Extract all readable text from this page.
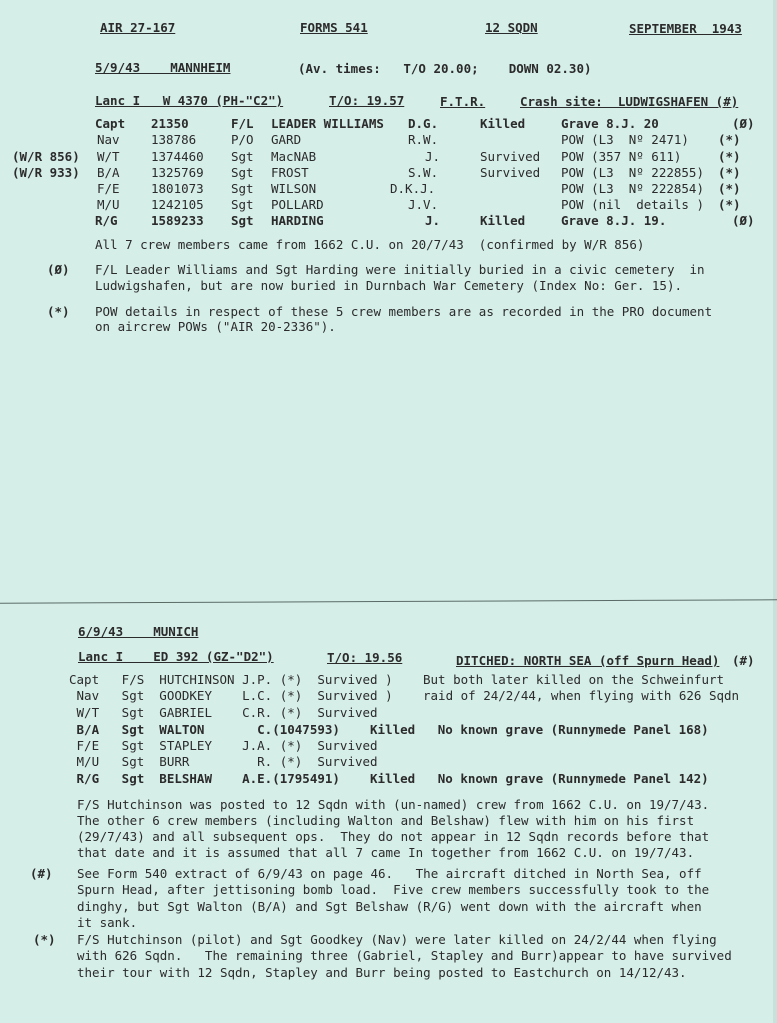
AIR 27-167	FORMS 541	12 SQDN	SEPTEMBER  1943
5/9/43    MANNHEIM	(Av. times:   T/O 20.00;    DOWN 02.30)
Lanc I   W 4370 (PH-"C2")	T/O: 19.57	F.T.R.	Crash site:  LUDWIGSHAFEN (#)
Capt 21350	F/L LEADER WILLIAMS D.G.	Killed	Grave 8.J. 20	(Ø)
Nav	138786	P/O GARD	R.W.	POW (L3  Nº 2471) (*)
(W/R 856) W/T	1374460 Sgt MacNAB	J.	Survived POW (357 Nº 611)	(*)
(W/R 933) B/A	1325769 Sgt FROST	S.W.	Survived POW (L3  Nº 222855) (*)
F/E	1801073 Sgt WILSON	D.K.J.	POW (L3  Nº 222854) (*)
M/U	1242105 Sgt POLLARD	J.V.	POW (nil  details ) (*)
R/G	1589233 Sgt HARDING	J.	Killed	Grave 8.J. 19.	(Ø)
All 7 crew members came from 1662 C.U. on 20/7/43  (confirmed by W/R 856)
(Ø) F/L Leader Williams and Sgt Harding were initially buried in a civic cemetery  in
Ludwigshafen, but are now buried in Durnbach War Cemetery (Index No: Ger. 15).
(*) POW details in respect of these 5 crew members are as recorded in the PRO document
on aircrew POWs ("AIR 20-2336").
6/9/43    MUNICH
Lanc I    ED 392 (GZ-"D2")	T/O: 19.56	DITCHED: NORTH SEA (off Spurn Head) (#)
Capt   F/S  HUTCHINSON J.P. (*)  Survived ) But both later killed on the Schweinfurt
Nav   Sgt  GOODKEY    L.C. (*)  Survived ) raid of 24/2/44, when flying with 626 Sqdn
W/T   Sgt  GABRIEL    C.R. (*)  Survived
B/A   Sgt  WALTON       C.(1047593)    Killed   No known grave (Runnymede Panel 168)
F/E   Sgt  STAPLEY    J.A. (*)  Survived
M/U   Sgt  BURR         R. (*)  Survived
R/G   Sgt  BELSHAW    A.E.(1795491)    Killed   No known grave (Runnymede Panel 142)
F/S Hutchinson was posted to 12 Sqdn with (un-named) crew from 1662 C.U. on 19/7/43.
The other 6 crew members (including Walton and Belshaw) flew with him on his first
(29/7/43) and all subsequent ops.  They do not appear in 12 Sqdn records before that
that date and it is assumed that all 7 came In together from 1662 C.U. on 19/7/43.
(#) See Form 540 extract of 6/9/43 on page 46.   The aircraft ditched in North Sea, off
Spurn Head, after jettisoning bomb load.  Five crew members successfully took to the
dinghy, but Sgt Walton (B/A) and Sgt Belshaw (R/G) went down with the aircraft when
it sank.
(*) F/S Hutchinson (pilot) and Sgt Goodkey (Nav) were later killed on 24/2/44 when flying
with 626 Sqdn.   The remaining three (Gabriel, Stapley and Burr)appear to have survived
their tour with 12 Sqdn, Stapley and Burr being posted to Eastchurch on 14/12/43.
